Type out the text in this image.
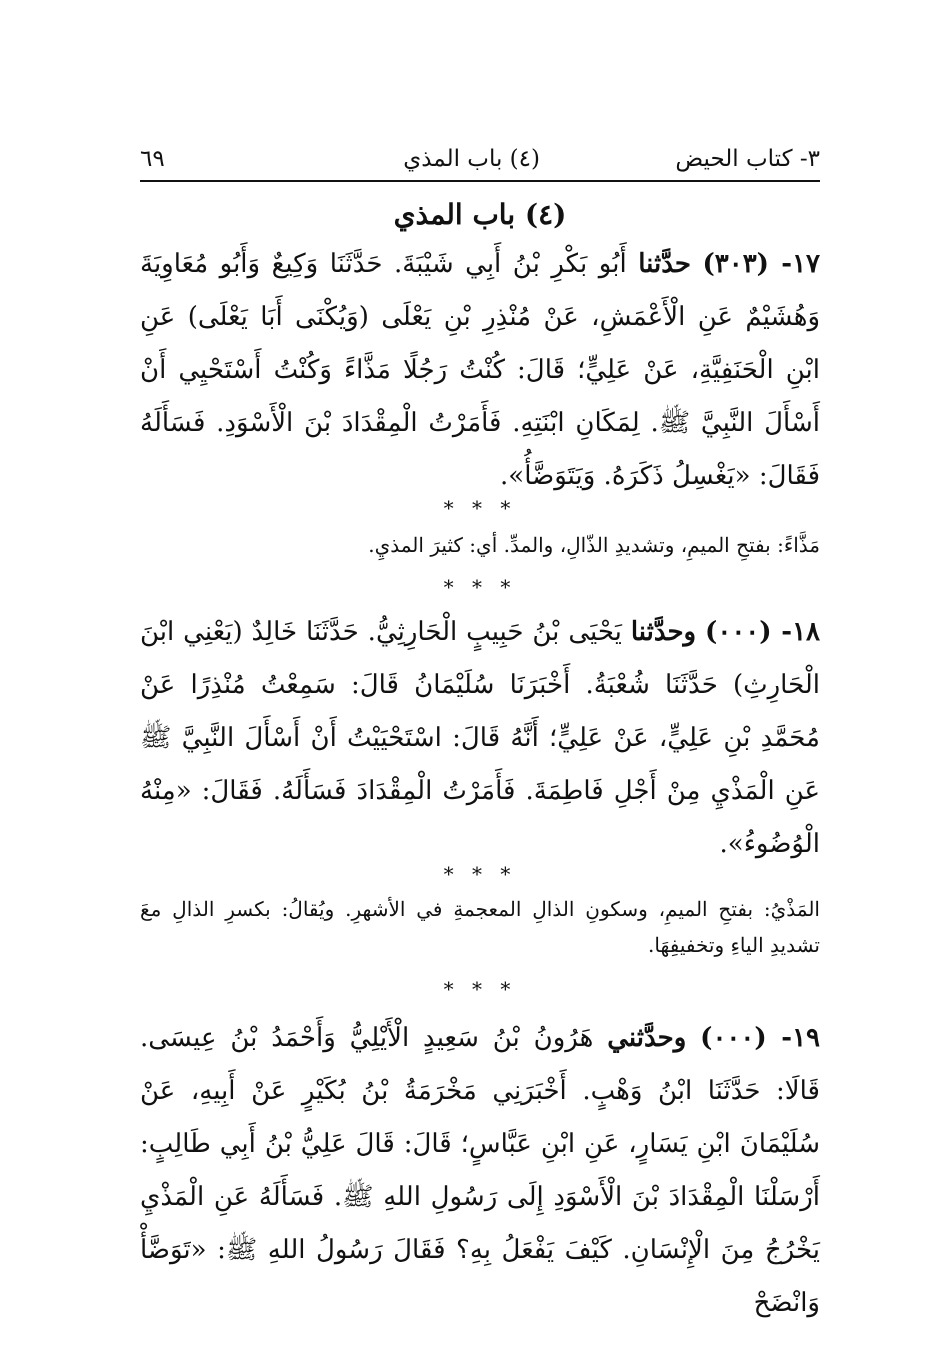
٣- كتاب الحيض
(٤) باب المذي
٦٩
(٤) باب المذي
١٧- (٣٠٣) حدَّثنا أَبُو بَكْرِ بْنُ أَبِي شَيْبَةَ. حَدَّثَنَا وَكِيعٌ وَأَبُو مُعَاوِيَةَ وَهُشَيْمٌ عَنِ الْأَعْمَشِ، عَنْ مُنْذِرِ بْنِ يَعْلَى (وَيُكْنَى أَبَا يَعْلَى) عَنِ ابْنِ الْحَنَفِيَّةِ، عَنْ عَلِيٍّ؛ قَالَ: كُنْتُ رَجُلًا مَذَّاءً وَكُنْتُ أَسْتَحْيِي أَنْ أَسْأَلَ النَّبِيَّ ﷺ. لِمَكَانِ ابْنَتِهِ. فَأَمَرْتُ الْمِقْدَادَ بْنَ الْأَسْوَدِ. فَسَأَلَهُ فَقَالَ: «يَغْسِلُ ذَكَرَهُ. وَيَتَوَضَّأُ».
* * *
مَذَّاءً: بفتحِ الميمِ، وتشديدِ الذّالِ، والمدِّ. أي: كثيرَ المذيِ.
* * *
١٨- (٠٠٠) وحدَّثنا يَحْيَى بْنُ حَبِيبٍ الْحَارِثِيُّ. حَدَّثَنَا خَالِدٌ (يَعْنِي ابْنَ الْحَارِثِ) حَدَّثَنَا شُعْبَةُ. أَخْبَرَنَا سُلَيْمَانُ قَالَ: سَمِعْتُ مُنْذِرًا عَنْ مُحَمَّدِ بْنِ عَلِيٍّ، عَنْ عَلِيٍّ؛ أَنَّهُ قَالَ: اسْتَحْيَيْتُ أَنْ أَسْأَلَ النَّبِيَّ ﷺ عَنِ الْمَذْيِ مِنْ أَجْلِ فَاطِمَةَ. فَأَمَرْتُ الْمِقْدَادَ فَسَأَلَهُ. فَقَالَ: «مِنْهُ الْوُضُوءُ».
* * *
المَذْيُ: بفتحِ الميمِ، وسكونِ الذالِ المعجمةِ في الأشهرِ. ويُقالُ: بكسرِ الذالِ معَ تشديدِ الياءِ وتخفيفِهَا.
* * *
١٩- (٠٠٠) وحدَّثني هَرُونُ بْنُ سَعِيدٍ الْأَيْلِيُّ وَأَحْمَدُ بْنُ عِيسَى. قَالَا: حَدَّثَنَا ابْنُ وَهْبٍ. أَخْبَرَنِي مَخْرَمَةُ بْنُ بُكَيْرٍ عَنْ أَبِيهِ، عَنْ سُلَيْمَانَ ابْنِ يَسَارٍ، عَنِ ابْنِ عَبَّاسٍ؛ قَالَ: قَالَ عَلِيُّ بْنُ أَبِي طَالِبٍ: أَرْسَلْنَا الْمِقْدَادَ بْنَ الْأَسْوَدِ إِلَى رَسُولِ اللهِ ﷺ. فَسَأَلَهُ عَنِ الْمَذْيِ يَخْرُجُ مِنَ الْإِنْسَانِ. كَيْفَ يَفْعَلُ بِهِ؟ فَقَالَ رَسُولُ اللهِ ﷺ: «تَوَضَّأْ وَانْضَحْ
